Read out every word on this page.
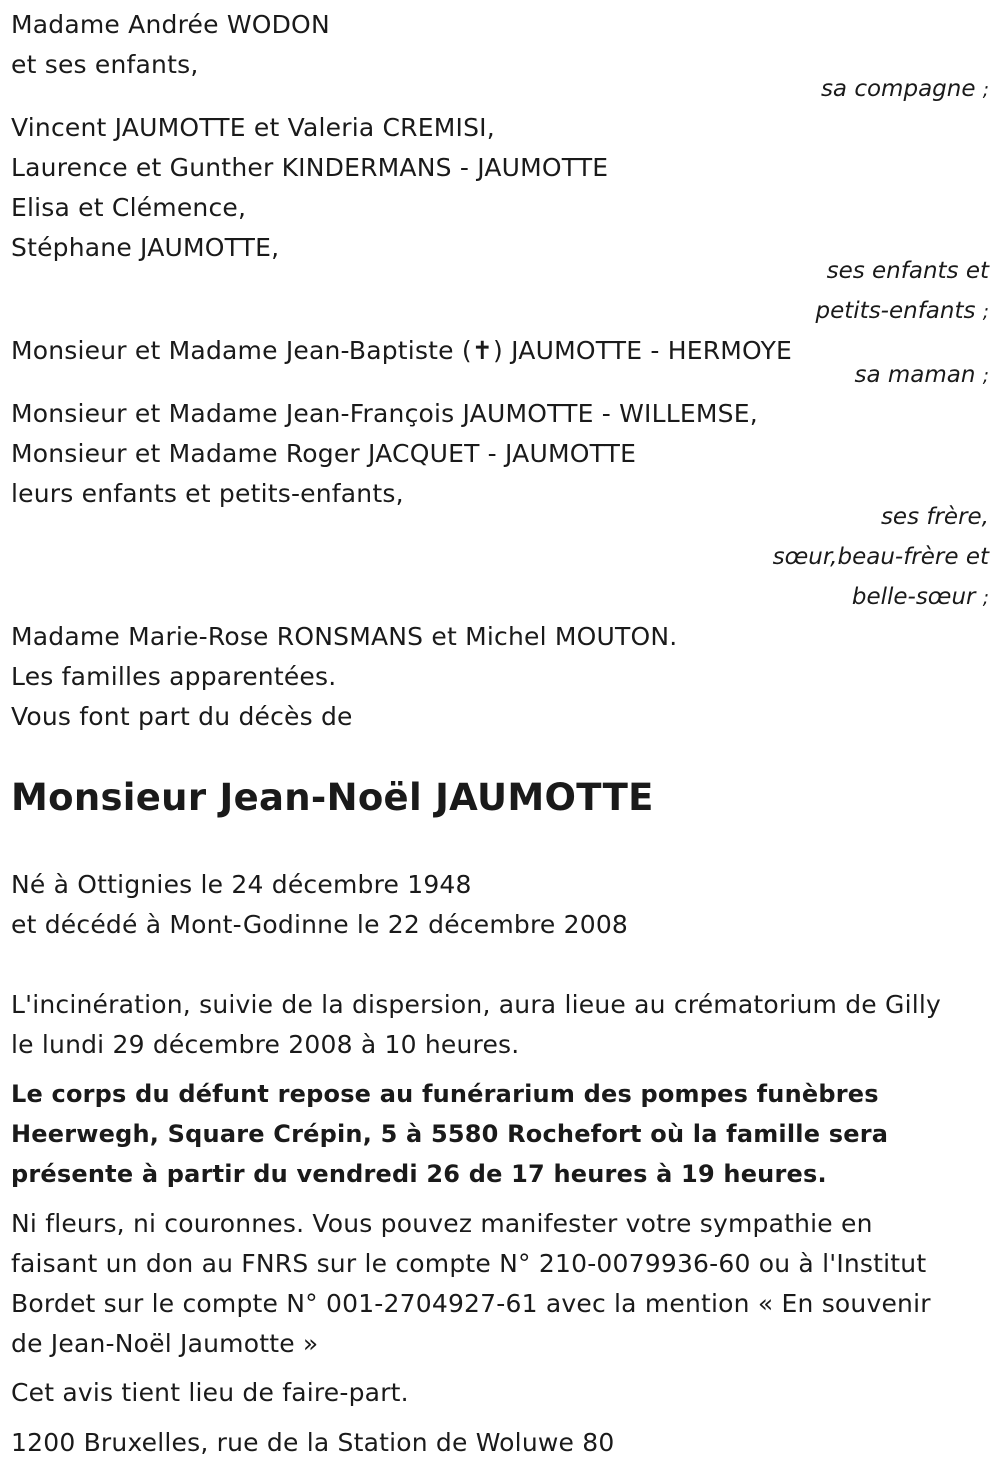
Madame Andrée WODON
et ses enfants,
sa compagne ;
Vincent JAUMOTTE et Valeria CREMISI,
Laurence et Gunther KINDERMANS - JAUMOTTE
Elisa et Clémence,
Stéphane JAUMOTTE,
ses enfants et
petits-enfants ;
Monsieur et Madame Jean-Baptiste (✝) JAUMOTTE - HERMOYE
sa maman ;
Monsieur et Madame Jean-François JAUMOTTE - WILLEMSE,
Monsieur et Madame Roger JACQUET - JAUMOTTE
leurs enfants et petits-enfants,
ses frère,
sœur,beau-frère et
belle-sœur ;
Madame Marie-Rose RONSMANS et Michel MOUTON.
Les familles apparentées.
Vous font part du décès de
Monsieur Jean-Noël JAUMOTTE
Né à Ottignies le 24 décembre 1948
et décédé à Mont-Godinne le 22 décembre 2008
L'incinération, suivie de la dispersion, aura lieue au crématorium de Gilly
le lundi 29 décembre 2008 à 10 heures.
Le corps du défunt repose au funérarium des pompes funèbres
Heerwegh, Square Crépin, 5 à 5580 Rochefort où la famille sera
présente à partir du vendredi 26 de 17 heures à 19 heures.
Ni fleurs, ni couronnes. Vous pouvez manifester votre sympathie en
faisant un don au FNRS sur le compte N° 210-0079936-60 ou à l'Institut
Bordet sur le compte N° 001-2704927-61 avec la mention « En souvenir
de Jean-Noël Jaumotte »
Cet avis tient lieu de faire-part.
1200 Bruxelles, rue de la Station de Woluwe 80
